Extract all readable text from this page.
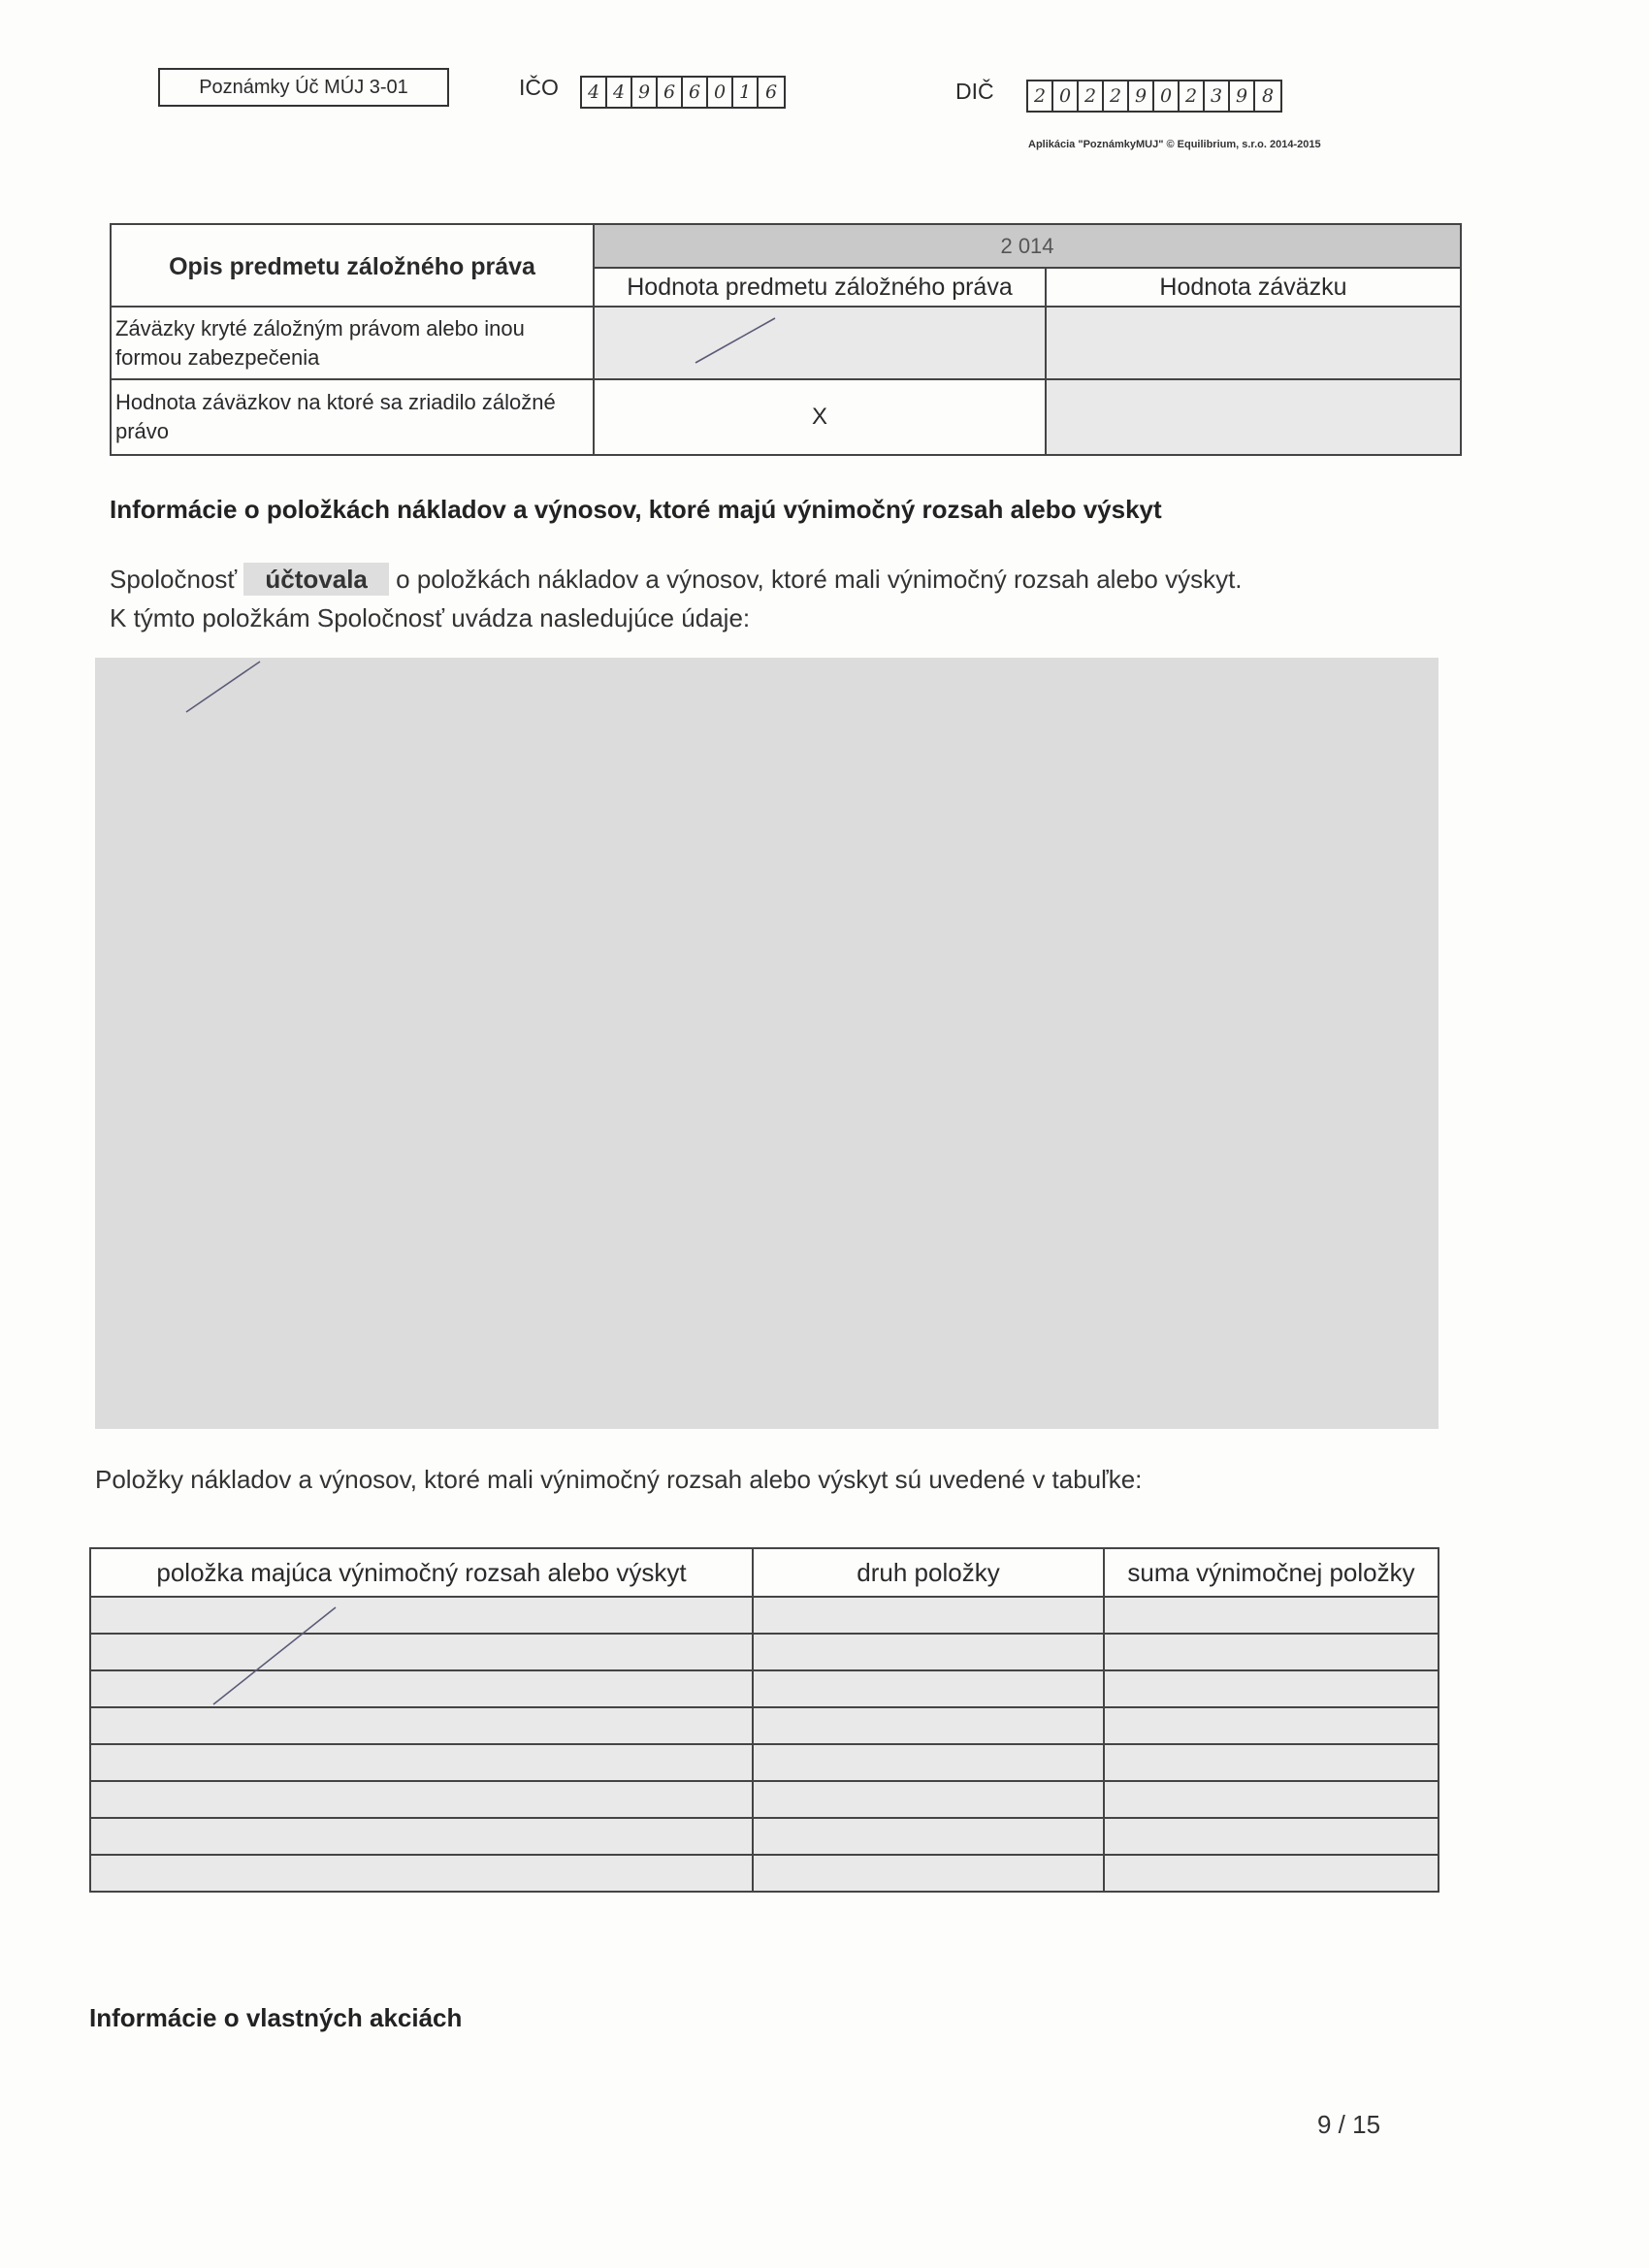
Poznámky Úč MÚJ 3-01	IČO	4 4 9 6 6 0 1 6	DIČ	2 0 2 2 9 0 2 3 9 8
Aplikácia "PoznámkyMUJ" © Equilibrium, s.r.o. 2014-2015
Opis predmetu záložného práva	2 014	
	Hodnota predmetu záložného práva	Hodnota záväzku
Záväzky kryté záložným právom alebo inou formou zabezpečenia	

Hodnota záväzkov na ktoré sa zriadilo záložné právo	X	
Informácie o položkách nákladov a výnosov, ktoré majú výnimočný rozsah alebo výskyt
Spoločnosť účtovala o položkách nákladov a výnosov, ktoré mali výnimočný rozsah alebo výskyt.
K týmto položkám Spoločnosť uvádza nasledujúce údaje:
Položky nákladov a výnosov, ktoré mali výnimočný rozsah alebo výskyt sú uvedené v tabuľke:
položka majúca výnimočný rozsah alebo výskyt	druh položky	suma výnimočnej položky

Informácie o vlastných akciách
9 / 15
